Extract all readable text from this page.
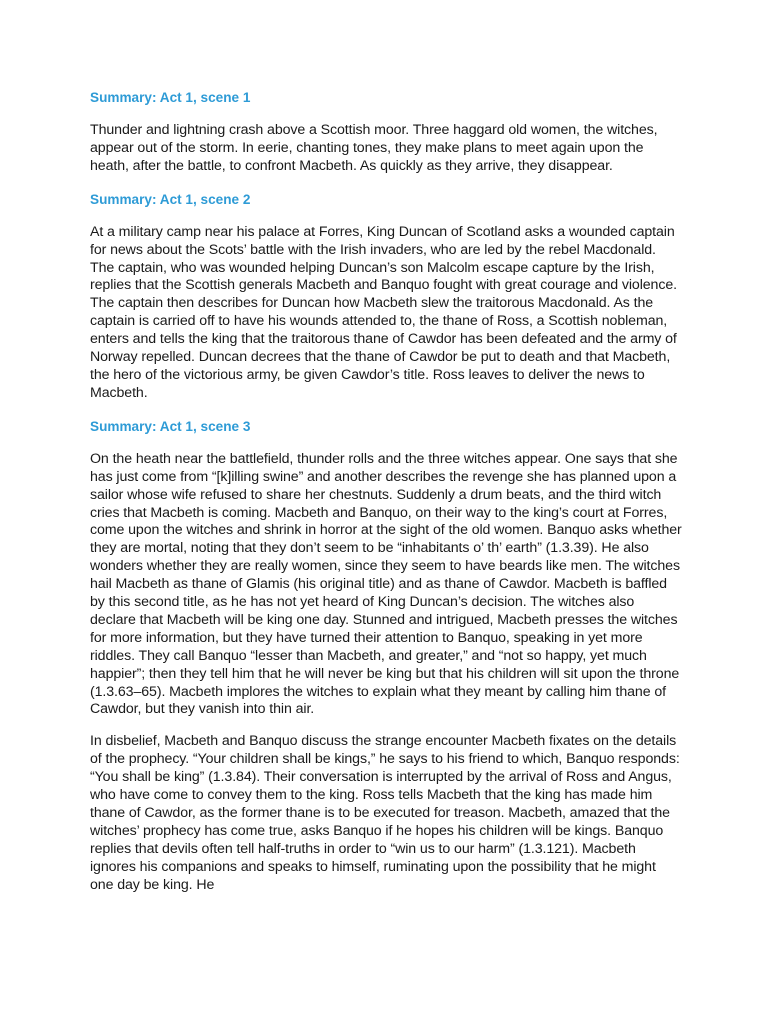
Summary: Act 1, scene 1

Thunder and lightning crash above a Scottish moor. Three haggard old women, the witches, appear out of the storm. In eerie, chanting tones, they make plans to meet again upon the heath, after the battle, to confront Macbeth. As quickly as they arrive, they disappear.

Summary: Act 1, scene 2

At a military camp near his palace at Forres, King Duncan of Scotland asks a wounded captain for news about the Scots’ battle with the Irish invaders, who are led by the rebel Macdonald. The captain, who was wounded helping Duncan’s son Malcolm escape capture by the Irish, replies that the Scottish generals Macbeth and Banquo fought with great courage and violence. The captain then describes for Duncan how Macbeth slew the traitorous Macdonald. As the captain is carried off to have his wounds attended to, the thane of Ross, a Scottish nobleman, enters and tells the king that the traitorous thane of Cawdor has been defeated and the army of Norway repelled. Duncan decrees that the thane of Cawdor be put to death and that Macbeth, the hero of the victorious army, be given Cawdor’s title. Ross leaves to deliver the news to Macbeth.

Summary: Act 1, scene 3

On the heath near the battlefield, thunder rolls and the three witches appear. One says that she has just come from “[k]illing swine” and another describes the revenge she has planned upon a sailor whose wife refused to share her chestnuts. Suddenly a drum beats, and the third witch cries that Macbeth is coming. Macbeth and Banquo, on their way to the king’s court at Forres, come upon the witches and shrink in horror at the sight of the old women. Banquo asks whether they are mortal, noting that they don’t seem to be “inhabitants o’ th’ earth” (1.3.39). He also wonders whether they are really women, since they seem to have beards like men. The witches hail Macbeth as thane of Glamis (his original title) and as thane of Cawdor. Macbeth is baffled by this second title, as he has not yet heard of King Duncan’s decision. The witches also declare that Macbeth will be king one day. Stunned and intrigued, Macbeth presses the witches for more information, but they have turned their attention to Banquo, speaking in yet more riddles. They call Banquo “lesser than Macbeth, and greater,” and “not so happy, yet much happier”; then they tell him that he will never be king but that his children will sit upon the throne (1.3.63–65). Macbeth implores the witches to explain what they meant by calling him thane of Cawdor, but they vanish into thin air.

In disbelief, Macbeth and Banquo discuss the strange encounter Macbeth fixates on the details of the prophecy. “Your children shall be kings,” he says to his friend to which, Banquo responds: “You shall be king” (1.3.84). Their conversation is interrupted by the arrival of Ross and Angus, who have come to convey them to the king. Ross tells Macbeth that the king has made him thane of Cawdor, as the former thane is to be executed for treason. Macbeth, amazed that the witches’ prophecy has come true, asks Banquo if he hopes his children will be kings. Banquo replies that devils often tell half-truths in order to “win us to our harm” (1.3.121). Macbeth ignores his companions and speaks to himself, ruminating upon the possibility that he might one day be king. He
